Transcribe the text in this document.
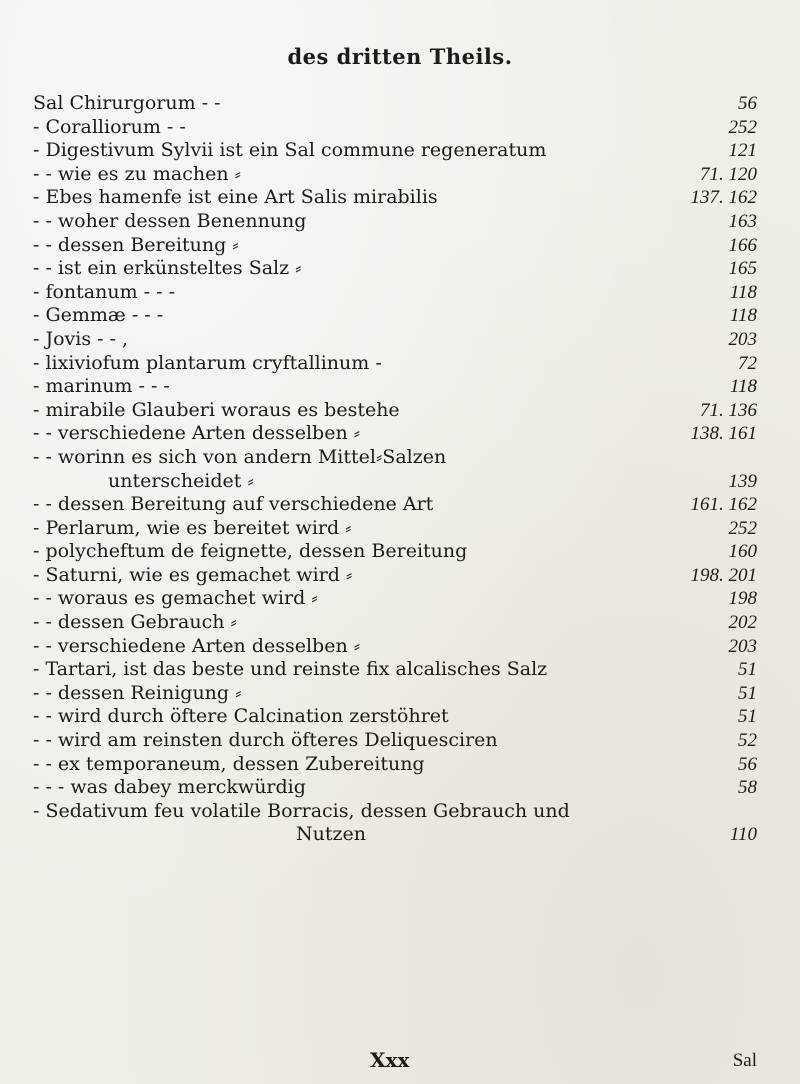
des dritten Theils.
Sal Chirurgorum - -	56
- Coralliorum - -	252
- Digestivum Sylvii ist ein Sal commune regeneratum	121
- - wie es zu machen ⸗	71. 120
- Ebes hamenfe ist eine Art Salis mirabilis	137. 162
- - woher dessen Benennung	163
- - dessen Bereitung ⸗	166
- - ist ein erkünsteltes Salz ⸗	165
- fontanum - - -	118
- Gemmæ - - -	118
- Jovis - - ,	203
- lixiviofum plantarum cryftallinum -	72
- marinum - - -	118
- mirabile Glauberi woraus es bestehe	71. 136
- - verschiedene Arten desselben ⸗	138. 161
- - worinn es sich von andern Mittel⸗Salzen
unterscheidet ⸗	139
- - dessen Bereitung auf verschiedene Art	161. 162
- Perlarum, wie es bereitet wird ⸗	252
- polycheftum de feignette, dessen Bereitung	160
- Saturni, wie es gemachet wird ⸗	198. 201
- - woraus es gemachet wird ⸗	198
- - dessen Gebrauch ⸗	202
- - verschiedene Arten desselben ⸗	203
- Tartari, ist das beste und reinste fix alcalisches Salz	51
- - dessen Reinigung ⸗	51
- - wird durch öftere Calcination zerstöhret	51
- - wird am reinsten durch öfteres Deliquesciren	52
- - ex temporaneum, dessen Zubereitung	56
- - - was dabey merckwürdig	58
- Sedativum feu volatile Borracis, dessen Gebrauch und
Nutzen	110
Xxx	Sal
